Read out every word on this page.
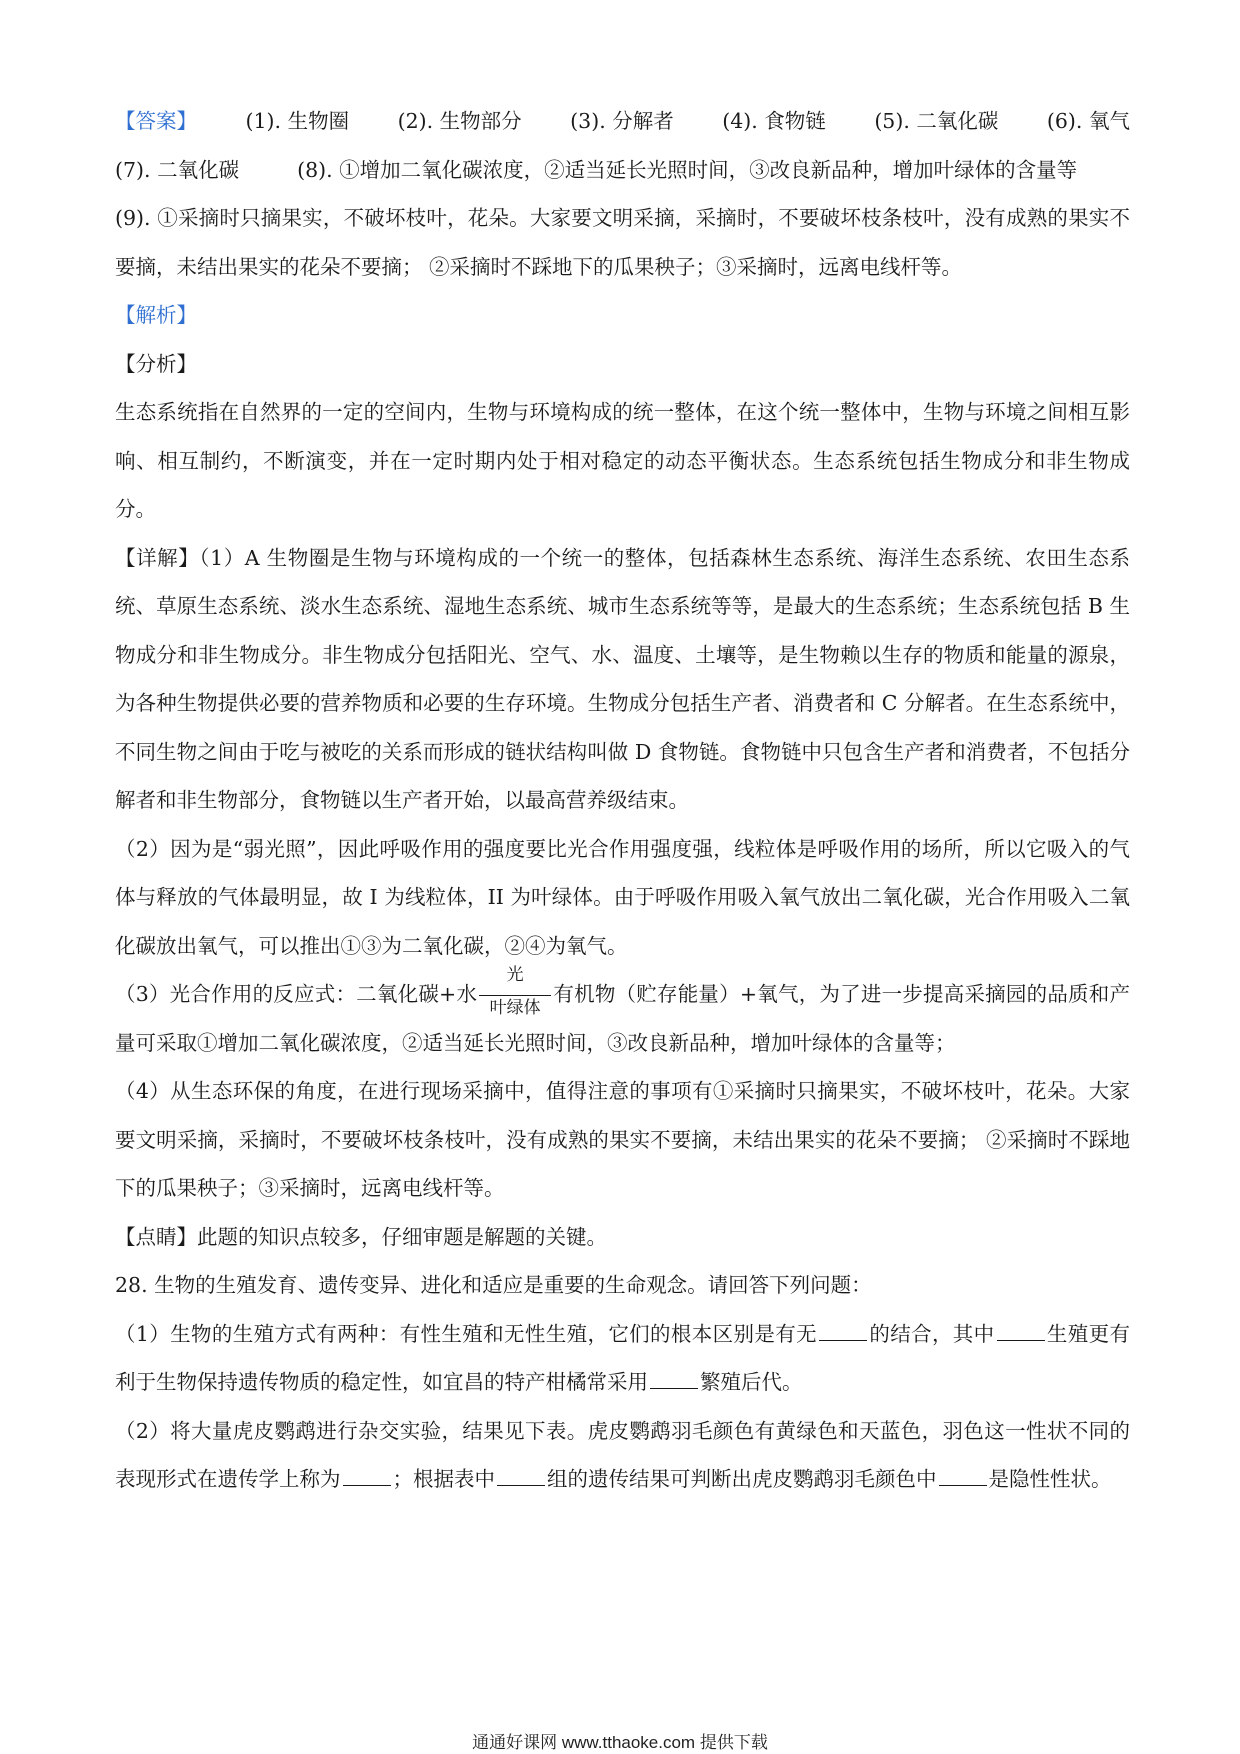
【答案】 (1). 生物圈 (2). 生物部分 (3). 分解者 (4). 食物链 (5). 二氧化碳 (6). 氧气
(7). 二氧化碳	(8). ①增加二氧化碳浓度，②适当延长光照时间，③改良新品种，增加叶绿体的含量等

(9). ①采摘时只摘果实，不破坏枝叶，花朵。大家要文明采摘，采摘时，不要破坏枝条枝叶，没有成熟的果实不要摘，未结出果实的花朵不要摘； ②采摘时不踩地下的瓜果秧子；③采摘时，远离电线杆等。

【解析】

【分析】

生态系统指在自然界的一定的空间内，生物与环境构成的统一整体，在这个统一整体中，生物与环境之间相互影响、相互制约，不断演变，并在一定时期内处于相对稳定的动态平衡状态。生态系统包括生物成分和非生物成分。

【详解】（1）A 生物圈是生物与环境构成的一个统一的整体，包括森林生态系统、海洋生态系统、农田生态系统、草原生态系统、淡水生态系统、湿地生态系统、城市生态系统等等，是最大的生态系统；生态系统包括 B 生物成分和非生物成分。非生物成分包括阳光、空气、水、温度、土壤等，是生物赖以生存的物质和能量的源泉，为各种生物提供必要的营养物质和必要的生存环境。生物成分包括生产者、消费者和 C 分解者。在生态系统中，不同生物之间由于吃与被吃的关系而形成的链状结构叫做 D 食物链。食物链中只包含生产者和消费者，不包括分解者和非生物部分，食物链以生产者开始，以最高营养级结束。

（2）因为是“弱光照”，因此呼吸作用的强度要比光合作用强度强，线粒体是呼吸作用的场所，所以它吸入的气体与释放的气体最明显，故 I 为线粒体，II 为叶绿体。由于呼吸作用吸入氧气放出二氧化碳，光合作用吸入二氧化碳放出氧气，可以推出①③为二氧化碳，②④为氧气。

（3）光合作用的反应式：二氧化碳+水
光
叶绿体
有机物（贮存能量）+氧气，为了进一步提高采摘园的品质和产量可采取①增加二氧化碳浓度，②适当延长光照时间，③改良新品种，增加叶绿体的含量等；

（4）从生态环保的角度，在进行现场采摘中，值得注意的事项有①采摘时只摘果实，不破坏枝叶，花朵。大家要文明采摘，采摘时，不要破坏枝条枝叶，没有成熟的果实不要摘，未结出果实的花朵不要摘； ②采摘时不踩地下的瓜果秧子；③采摘时，远离电线杆等。

【点睛】此题的知识点较多，仔细审题是解题的关键。

28. 生物的生殖发育、遗传变异、进化和适应是重要的生命观念。请回答下列问题：

（1）生物的生殖方式有两种：有性生殖和无性生殖，它们的根本区别是有无	的结合，其中	生殖更有利于生物保持遗传物质的稳定性，如宜昌的特产柑橘常采用	繁殖后代。

（2）将大量虎皮鹦鹉进行杂交实验，结果见下表。虎皮鹦鹉羽毛颜色有黄绿色和天蓝色，羽色这一性状不同的表现形式在遗传学上称为	；根据表中	组的遗传结果可判断出虎皮鹦鹉羽毛颜色中	是隐性性状。

通通好课网 www.tthaoke.com 提供下载
